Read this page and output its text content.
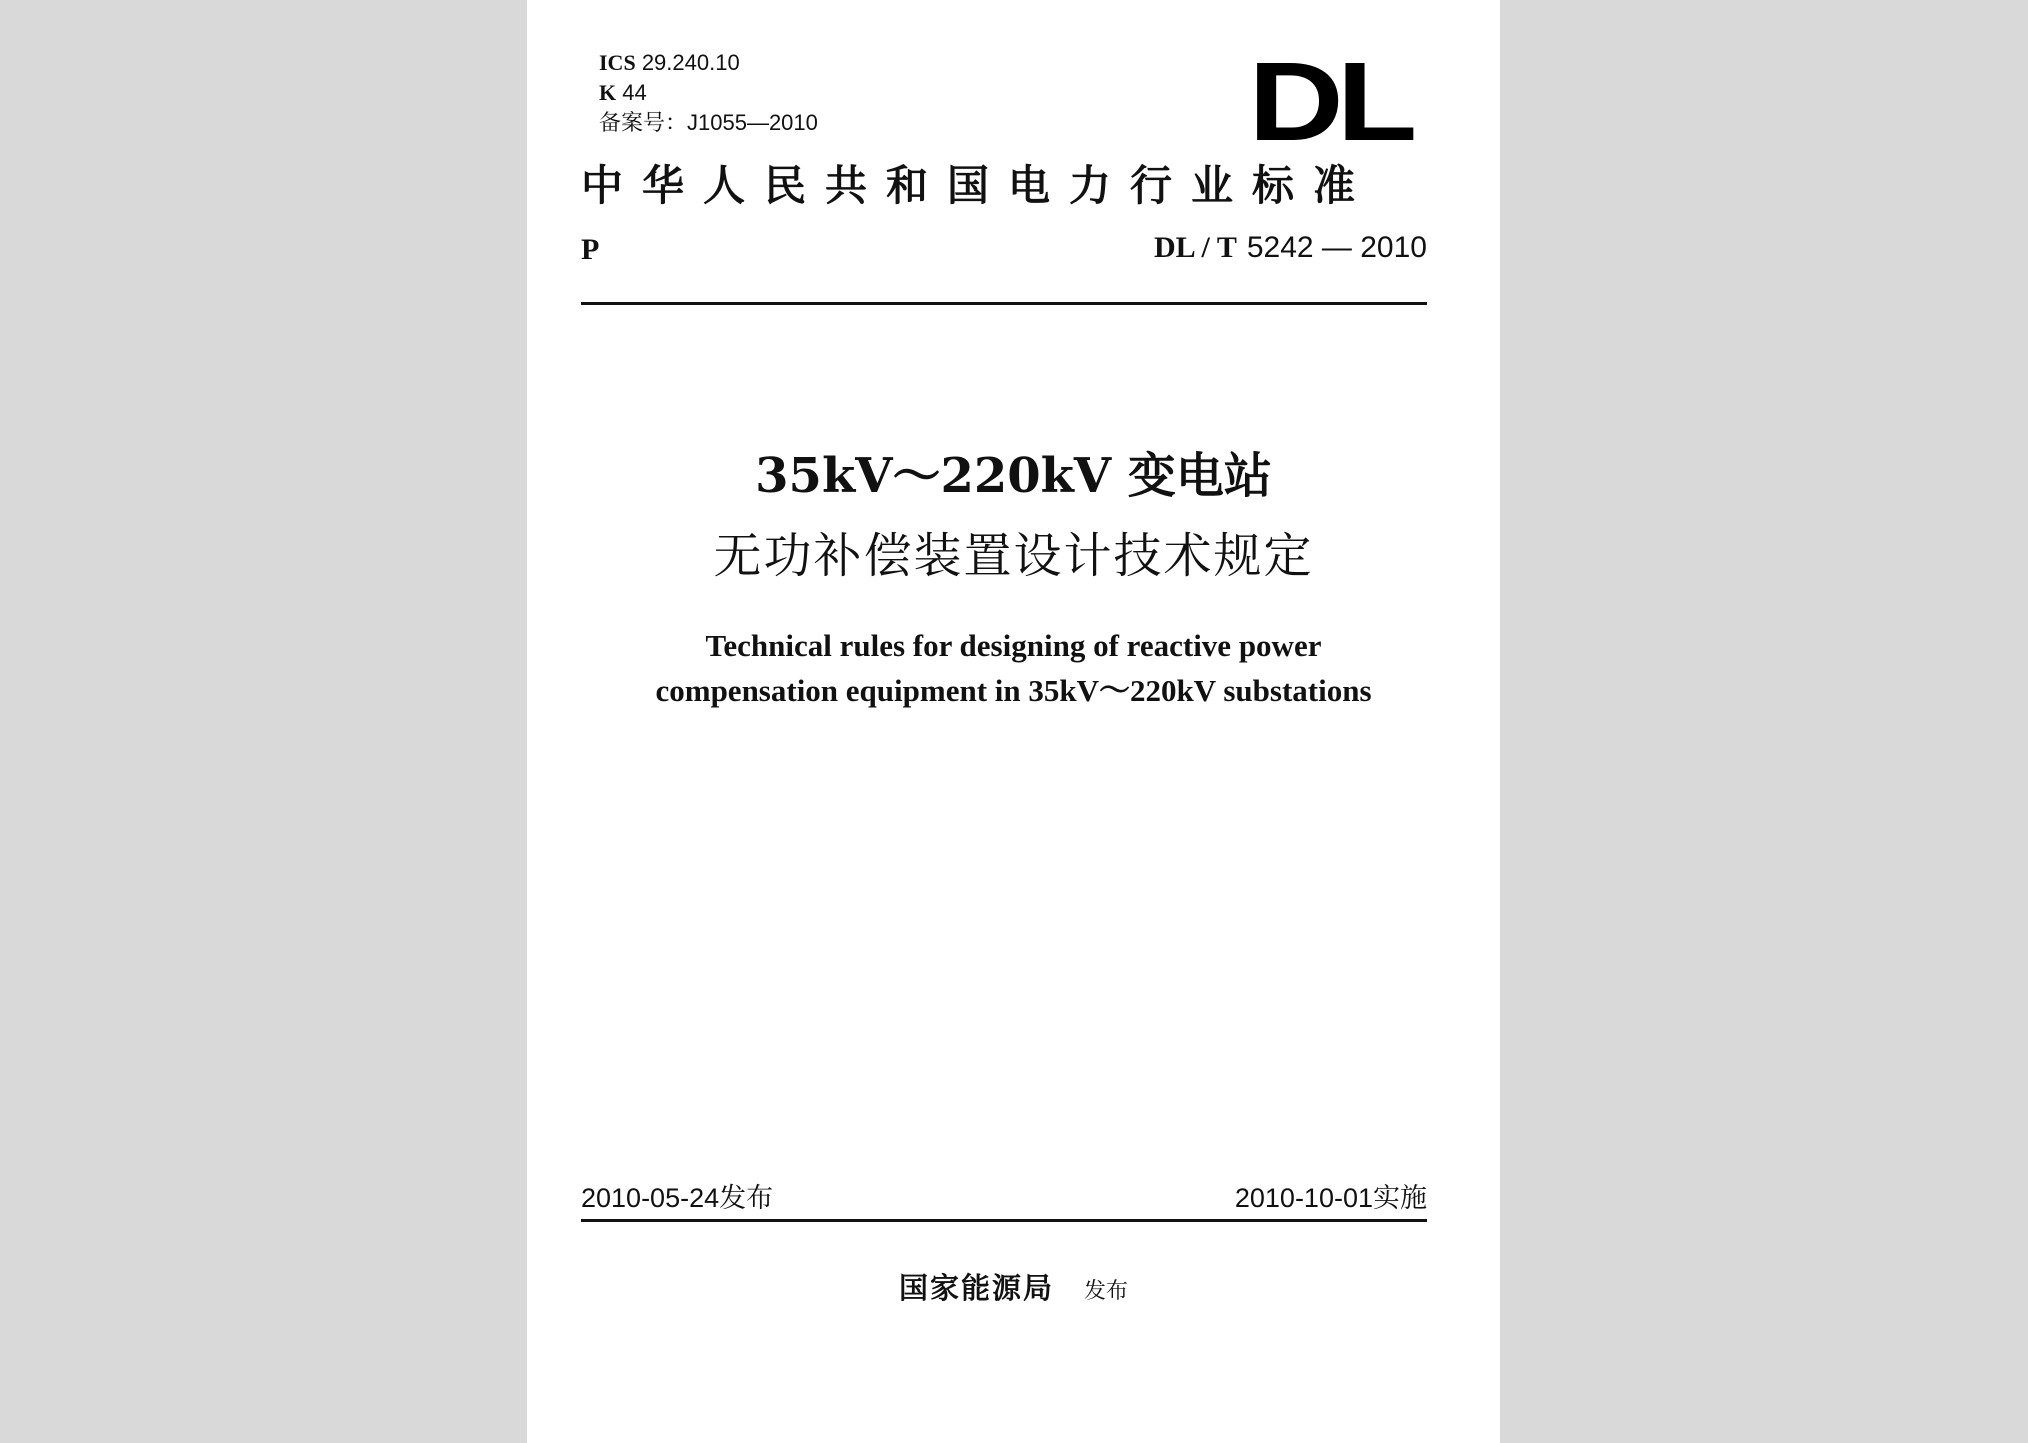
ICS 29.240.10
K 44
备案号：J1055—2010	DL
中华人民共和国电力行业标准
P	DL / T 5242 — 2010
35kV～220kV 变电站
无功补偿装置设计技术规定
Technical rules for designing of reactive power
compensation equipment in 35kV～220kV substations
2010-05-24发布	2010-10-01实施
国家能源局 发布
